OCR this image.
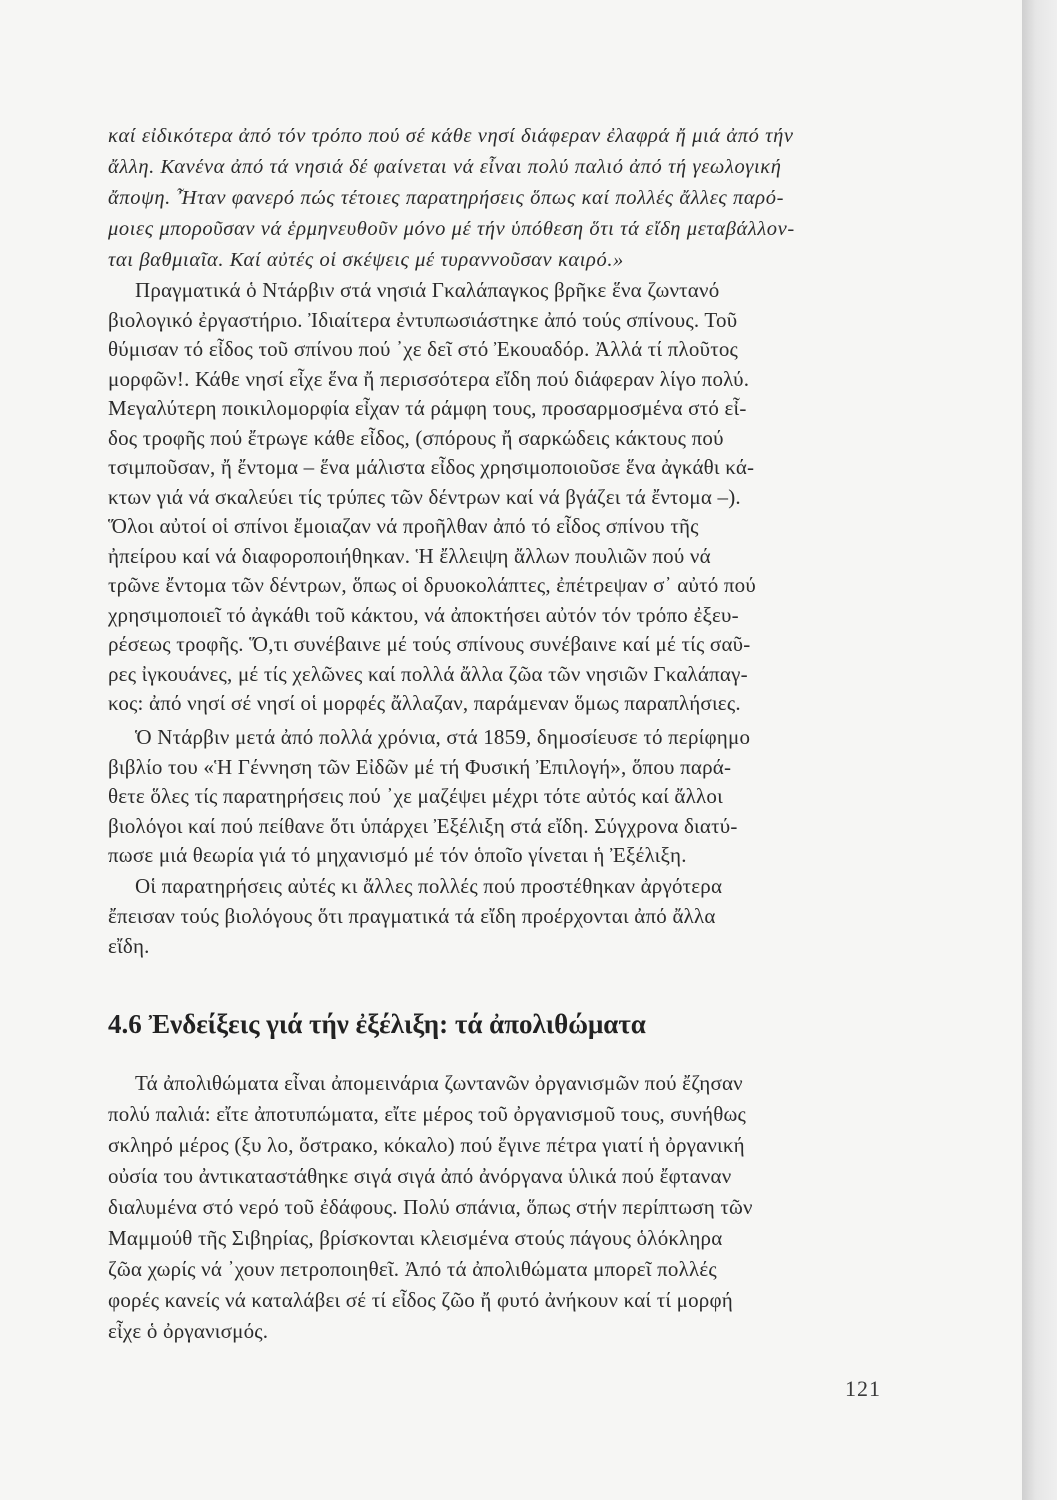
καί εἰδικότερα ἀπό τόν τρόπο πού σέ κάθε νησί διάφεραν ἐλαφρά ἤ μιά ἀπό τήν
ἄλλη. Κανένα ἀπό τά νησιά δέ φαίνεται νά εἶναι πολύ παλιό ἀπό τή γεωλογική
ἄποψη. Ἦταν φανερό πώς τέτοιες παρατηρήσεις ὅπως καί πολλές ἄλλες παρό-
μοιες μποροῦσαν νά ἑρμηνευθοῦν μόνο μέ τήν ὑπόθεση ὅτι τά εἴδη μεταβάλλον-
ται βαθμιαῖα. Καί αὐτές οἱ σκέψεις μέ τυραννοῦσαν καιρό.»
Πραγματικά ὁ Ντάρβιν στά νησιά Γκαλάπαγκος βρῆκε ἕνα ζωντανό
βιολογικό ἐργαστήριο. Ἰδιαίτερα ἐντυπωσιάστηκε ἀπό τούς σπίνους. Τοῦ
θύμισαν τό εἶδος τοῦ σπίνου πού ᾽χε δεῖ στό Ἐκουαδόρ. Ἀλλά τί πλοῦτος
μορφῶν!. Κάθε νησί εἶχε ἕνα ἤ περισσότερα εἴδη πού διάφεραν λίγο πολύ.
Μεγαλύτερη ποικιλομορφία εἶχαν τά ράμφη τους, προσαρμοσμένα στό εἶ-
δος τροφῆς πού ἔτρωγε κάθε εἶδος, (σπόρους ἤ σαρκώδεις κάκτους πού
τσιμποῦσαν, ἤ ἔντομα – ἕνα μάλιστα εἶδος χρησιμοποιοῦσε ἕνα ἀγκάθι κά-
κτων γιά νά σκαλεύει τίς τρύπες τῶν δέντρων καί νά βγάζει τά ἔντομα –).
Ὅλοι αὐτοί οἱ σπίνοι ἔμοιαζαν νά προῆλθαν ἀπό τό εἶδος σπίνου τῆς
ἠπείρου καί νά διαφοροποιήθηκαν. Ἡ ἔλλειψη ἄλλων πουλιῶν πού νά
τρῶνε ἔντομα τῶν δέντρων, ὅπως οἱ δρυοκολάπτες, ἐπέτρεψαν σ᾽ αὐτό πού
χρησιμοποιεῖ τό ἀγκάθι τοῦ κάκτου, νά ἀποκτήσει αὐτόν τόν τρόπο ἐξευ-
ρέσεως τροφῆς. Ὅ,τι συνέβαινε μέ τούς σπίνους συνέβαινε καί μέ τίς σαῦ-
ρες ἰγκουάνες, μέ τίς χελῶνες καί πολλά ἄλλα ζῶα τῶν νησιῶν Γκαλάπαγ-
κος: ἀπό νησί σέ νησί οἱ μορφές ἄλλαζαν, παράμεναν ὅμως παραπλήσιες.
Ὁ Ντάρβιν μετά ἀπό πολλά χρόνια, στά 1859, δημοσίευσε τό περίφημο
βιβλίο του «Ἡ Γέννηση τῶν Εἰδῶν μέ τή Φυσική Ἐπιλογή», ὅπου παρά-
θετε ὅλες τίς παρατηρήσεις πού ᾽χε μαζέψει μέχρι τότε αὐτός καί ἄλλοι
βιολόγοι καί πού πείθανε ὅτι ὑπάρχει Ἐξέλιξη στά εἴδη. Σύγχρονα διατύ-
πωσε μιά θεωρία γιά τό μηχανισμό μέ τόν ὁποῖο γίνεται ἡ Ἐξέλιξη.
Οἱ παρατηρήσεις αὐτές κι ἄλλες πολλές πού προστέθηκαν ἀργότερα
ἔπεισαν τούς βιολόγους ὅτι πραγματικά τά εἴδη προέρχονται ἀπό ἄλλα
εἴδη.
4.6 Ἐνδείξεις γιά τήν ἐξέλιξη: τά ἀπολιθώματα
Τά ἀπολιθώματα εἶναι ἀπομεινάρια ζωντανῶν ὀργανισμῶν πού ἔζησαν
πολύ παλιά: εἴτε ἀποτυπώματα, εἴτε μέρος τοῦ ὀργανισμοῦ τους, συνήθως
σκληρό μέρος (ξυ λο, ὄστρακο, κόκαλο) πού ἔγινε πέτρα γιατί ἡ ὀργανική
οὐσία του ἀντικαταστάθηκε σιγά σιγά ἀπό ἀνόργανα ὑλικά πού ἔφταναν
διαλυμένα στό νερό τοῦ ἐδάφους. Πολύ σπάνια, ὅπως στήν περίπτωση τῶν
Μαμμούθ τῆς Σιβηρίας, βρίσκονται κλεισμένα στούς πάγους ὁλόκληρα
ζῶα χωρίς νά ᾽χουν πετροποιηθεῖ. Ἀπό τά ἀπολιθώματα μπορεῖ πολλές
φορές κανείς νά καταλάβει σέ τί εἶδος ζῶο ἤ φυτό ἀνήκουν καί τί μορφή
εἶχε ὁ ὀργανισμός.
121
